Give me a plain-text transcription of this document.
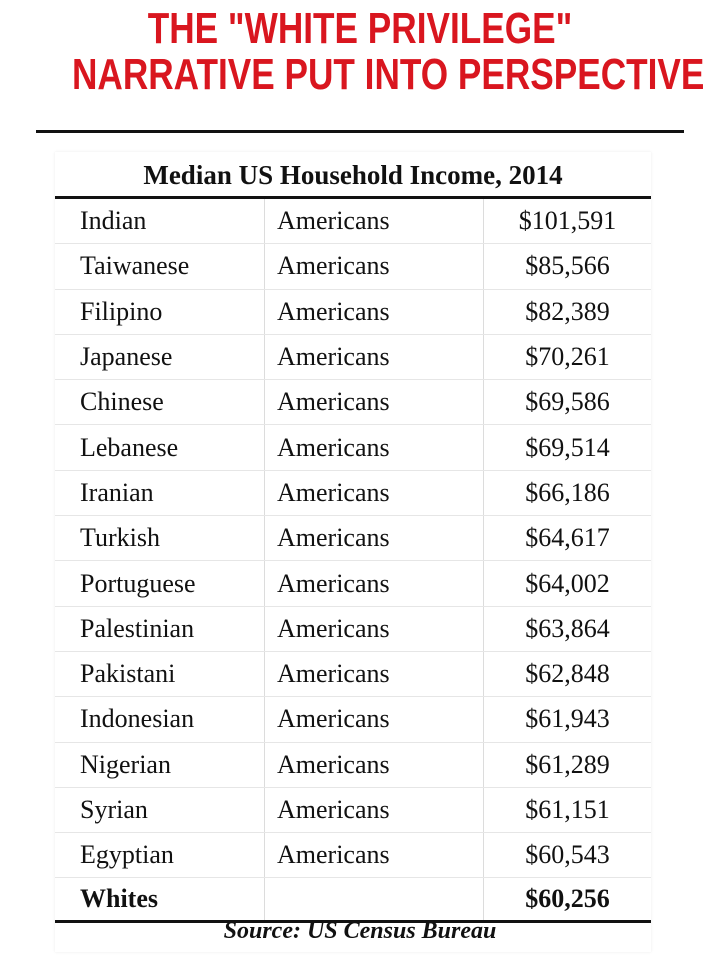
THE "WHITE PRIVILEGE"
NARRATIVE PUT INTO PERSPECTIVE
Median US Household Income, 2014		
Indian	Americans	$101,591
Taiwanese	Americans	$85,566
Filipino	Americans	$82,389
Japanese	Americans	$70,261
Chinese	Americans	$69,586
Lebanese	Americans	$69,514
Iranian	Americans	$66,186
Turkish	Americans	$64,617
Portuguese	Americans	$64,002
Palestinian	Americans	$63,864
Pakistani	Americans	$62,848
Indonesian	Americans	$61,943
Nigerian	Americans	$61,289
Syrian	Americans	$61,151
Egyptian	Americans	$60,543
Whites		$60,256
Source: US Census Bureau
